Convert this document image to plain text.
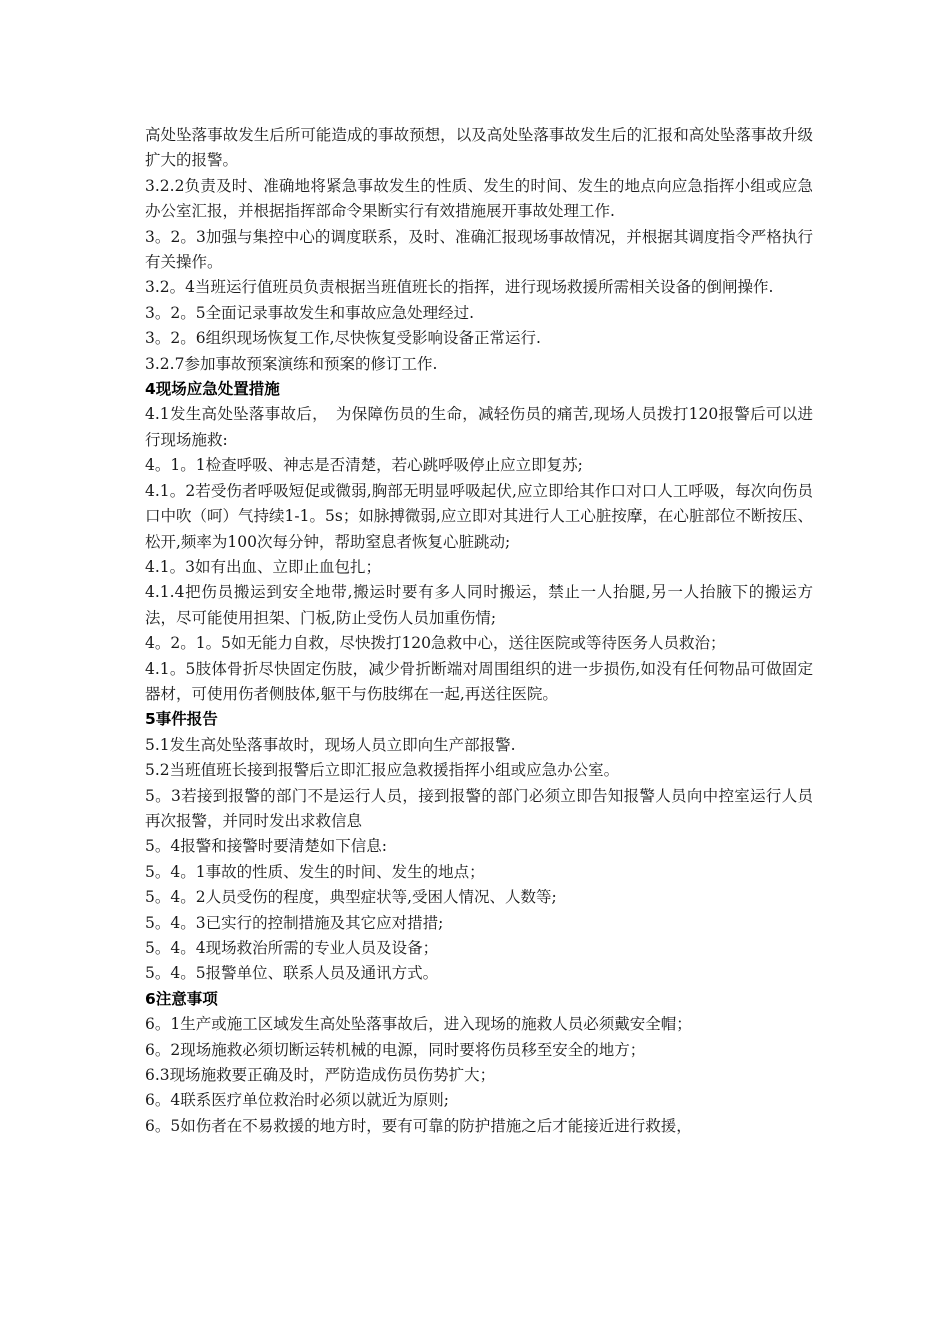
高处坠落事故发生后所可能造成的事故预想，以及高处坠落事故发生后的汇报和高处坠落事故升级扩大的报警。

3.2.2负责及时、准确地将紧急事故发生的性质、发生的时间、发生的地点向应急指挥小组或应急办公室汇报，并根据指挥部命令果断实行有效措施展开事故处理工作.

3。2。3加强与集控中心的调度联系，及时、准确汇报现场事故情况，并根据其调度指令严格执行有关操作。

3.2。4当班运行值班员负责根据当班值班长的指挥，进行现场救援所需相关设备的倒闸操作.

3。2。5全面记录事故发生和事故应急处理经过.

3。2。6组织现场恢复工作,尽快恢复受影响设备正常运行.

3.2.7参加事故预案演练和预案的修订工作.

4现场应急处置措施

4.1发生高处坠落事故后，　为保障伤员的生命，减轻伤员的痛苦,现场人员拨打120报警后可以进行现场施救:

4。1。1检查呼吸、神志是否清楚，若心跳呼吸停止应立即复苏;

4.1。2若受伤者呼吸短促或微弱,胸部无明显呼吸起伏,应立即给其作口对口人工呼吸，每次向伤员口中吹（呵）气持续1-1。5s；如脉搏微弱,应立即对其进行人工心脏按摩，在心脏部位不断按压、松开,频率为100次每分钟，帮助窒息者恢复心脏跳动;

4.1。3如有出血、立即止血包扎；

4.1.4把伤员搬运到安全地带,搬运时要有多人同时搬运，禁止一人抬腿,另一人抬腋下的搬运方法，尽可能使用担架、门板,防止受伤人员加重伤情;

4。2。1。5如无能力自救，尽快拨打120急救中心，送往医院或等待医务人员救治；

4.1。5肢体骨折尽快固定伤肢，减少骨折断端对周围组织的进一步损伤,如没有任何物品可做固定器材，可使用伤者侧肢体,躯干与伤肢绑在一起,再送往医院。

5事件报告

5.1发生高处坠落事故时，现场人员立即向生产部报警.

5.2当班值班长接到报警后立即汇报应急救援指挥小组或应急办公室。

5。3若接到报警的部门不是运行人员，接到报警的部门必须立即告知报警人员向中控室运行人员再次报警，并同时发出求救信息

5。4报警和接警时要清楚如下信息:

5。4。1事故的性质、发生的时间、发生的地点；

5。4。2人员受伤的程度，典型症状等,受困人情况、人数等;

5。4。3已实行的控制措施及其它应对措措;

5。4。4现场救治所需的专业人员及设备；

5。4。5报警单位、联系人员及通讯方式。

6注意事项

6。1生产或施工区域发生高处坠落事故后，进入现场的施救人员必须戴安全帽；

6。2现场施救必须切断运转机械的电源，同时要将伤员移至安全的地方；

6.3现场施救要正确及时，严防造成伤员伤势扩大；

6。4联系医疗单位救治时必须以就近为原则;

6。5如伤者在不易救援的地方时，要有可靠的防护措施之后才能接近进行救援，
